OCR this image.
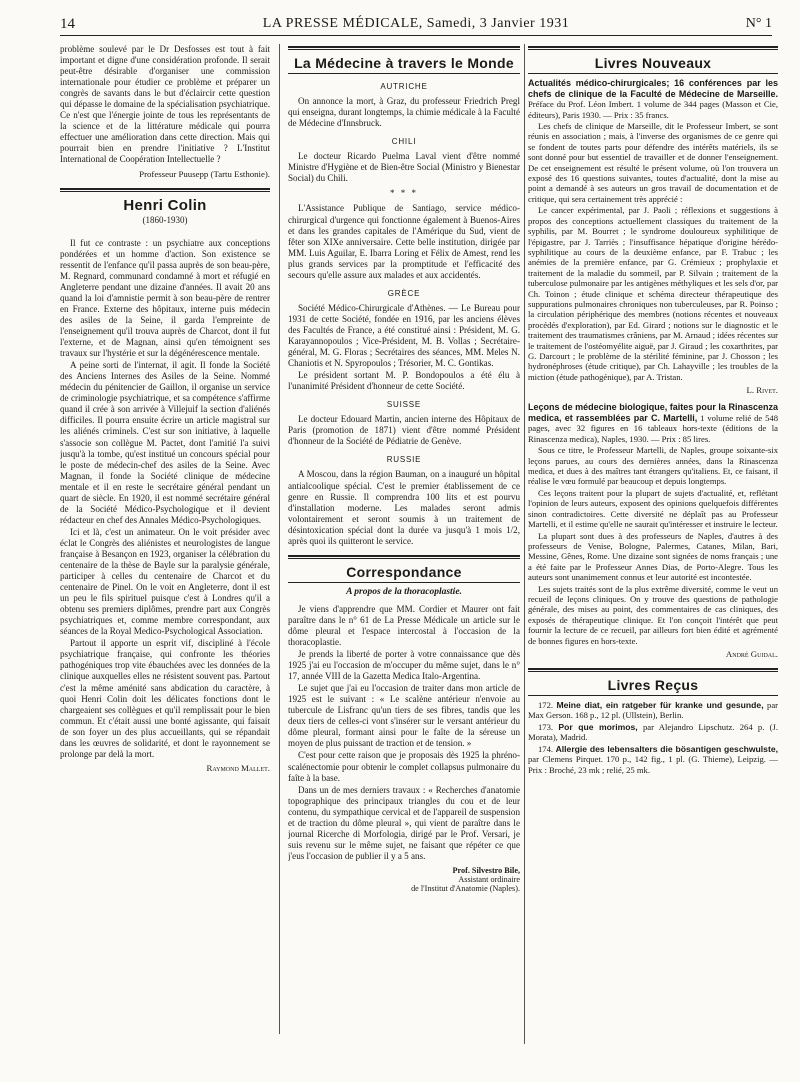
14	LA PRESSE MÉDICALE, Samedi, 3 Janvier 1931	N° 1

problème soulevé par le Dr Desfosses est tout à fait important et digne d'une considération profonde. Il serait peut-être désirable d'organiser une commission internationale pour étudier ce problème et préparer un congrès de savants dans le but d'éclaircir cette question qui dépasse le domaine de la spécialisation psychiatrique. Ce n'est que l'énergie jointe de tous les représentants de la science et de la littérature médicale qui pourra effectuer une amélioration dans cette direction. Mais qui pourrait bien en prendre l'initiative ? L'Institut International de Coopération Intellectuelle ?

Professeur Puusepp (Tartu Esthonie).

Henri Colin
(1860-1930)

Il fut ce contraste : un psychiatre aux conceptions pondérées et un homme d'action. Son existence se ressentit de l'enfance qu'il passa auprès de son beau-père, M. Regnard, communard condamné à mort et réfugié en Angleterre pendant une dizaine d'années. Il avait 20 ans quand la loi d'amnistie permit à son beau-père de rentrer en France. Externe des hôpitaux, interne puis médecin des asiles de la Seine, il garda l'empreinte de l'enseignement qu'il trouva auprès de Charcot, dont il fut l'externe, et de Magnan, ainsi qu'en témoignent ses travaux sur l'hystérie et sur la dégénérescence mentale.

A peine sorti de l'internat, il agit. Il fonde la Société des Anciens Internes des Asiles de la Seine. Nommé médecin du pénitencier de Gaillon, il organise un service de criminologie psychiatrique, et sa compétence s'affirme quand il crée à son arrivée à Villejuif la section d'aliénés difficiles. Il pourra ensuite écrire un article magistral sur les aliénés criminels. C'est sur son initiative, à laquelle s'associe son collègue M. Pactet, dont l'amitié l'a suivi jusqu'à la tombe, qu'est institué un concours spécial pour le poste de médecin-chef des asiles de la Seine. Avec Magnan, il fonde la Société clinique de médecine mentale et il en reste le secrétaire général pendant un quart de siècle. En 1920, il est nommé secrétaire général de la Société Médico-Psychologique et il devient rédacteur en chef des Annales Médico-Psychologiques.

Ici et là, c'est un animateur. On le voit présider avec éclat le Congrès des aliénistes et neurologistes de langue française à Besançon en 1923, organiser la célébration du centenaire de la thèse de Bayle sur la paralysie générale, participer à celles du centenaire de Charcot et du centenaire de Pinel. On le voit en Angleterre, dont il est un peu le fils spirituel puisque c'est à Londres qu'il a obtenu ses premiers diplômes, prendre part aux Congrès psychiatriques et, comme membre correspondant, aux séances de la Royal Medico-Psychological Association.

Partout il apporte un esprit vif, discipliné à l'école psychiatrique française, qui confronte les théories pathogéniques trop vite ébauchées avec les données de la clinique auxquelles elles ne résistent souvent pas. Partout c'est la même aménité sans abdication du caractère, à quoi Henri Colin doit les délicates fonctions dont le chargeaient ses collègues et qu'il remplissait pour le bien commun. Et c'était aussi une bonté agissante, qui faisait de son foyer un des plus accueillants, qui se répandait dans les œuvres de solidarité, et dont le rayonnement se prolonge par delà la mort.

Raymond Mallet.

La Médecine à travers le Monde
AUTRICHE

On annonce la mort, à Graz, du professeur Friedrich Pregl qui enseigna, durant longtemps, la chimie médicale à la Faculté de Médecine d'Innsbruck.

CHILI

Le docteur Ricardo Puelma Laval vient d'être nommé Ministre d'Hygiène et de Bien-être Social (Ministro y Bienestar Social) du Chili.

* * *

L'Assistance Publique de Santiago, service médico-chirurgical d'urgence qui fonctionne également à Buenos-Aires et dans les grandes capitales de l'Amérique du Sud, vient de fêter son XIXe anniversaire. Cette belle institution, dirigée par MM. Luis Aguilar, E. Ibarra Loring et Félix de Amest, rend les plus grands services par la promptitude et l'efficacité des secours qu'elle assure aux malades et aux accidentés.

GRÈCE

Société Médico-Chirurgicale d'Athènes. — Le Bureau pour 1931 de cette Société, fondée en 1916, par les anciens élèves des Facultés de France, a été constitué ainsi : Président, M. G. Karayannopoulos ; Vice-Président, M. B. Vollas ; Secrétaire-général, M. G. Floras ; Secrétaires des séances, MM. Meles N. Chaniotis et N. Spyropoulos ; Trésorier, M. C. Gontikas.

Le président sortant M. P. Bondopoulos a été élu à l'unanimité Président d'honneur de cette Société.

SUISSE

Le docteur Edouard Martin, ancien interne des Hôpitaux de Paris (promotion de 1871) vient d'être nommé Président d'honneur de la Société de Pédiatrie de Genève.

RUSSIE

A Moscou, dans la région Bauman, on a inauguré un hôpital antialcoolique spécial. C'est le premier établissement de ce genre en Russie. Il comprendra 100 lits et est pourvu d'installation moderne. Les malades seront admis volontairement et seront soumis à un traitement de désintoxication spécial dont la durée va jusqu'à 1 mois 1/2, après quoi ils quitteront le service.

Correspondance
A propos de la thoracoplastie.

Je viens d'apprendre que MM. Cordier et Maurer ont fait paraître dans le n° 61 de La Presse Médicale un article sur le dôme pleural et l'espace intercostal à l'occasion de la thoracoplastie.

Je prends la liberté de porter à votre connaissance que dès 1925 j'ai eu l'occasion de m'occuper du même sujet, dans le n° 17, année VIII de la Gazetta Medica Italo-Argentina.

Le sujet que j'ai eu l'occasion de traiter dans mon article de 1925 est le suivant : « Le scalène antérieur n'envoie au tubercule de Lisfranc qu'un tiers de ses fibres, tandis que les deux tiers de celles-ci vont s'insérer sur le versant antérieur du dôme pleural, formant ainsi pour le faîte de la séreuse un moyen de plus puissant de traction et de tension. »

C'est pour cette raison que je proposais dès 1925 la phréno-scalénectomie pour obtenir le complet collapsus pulmonaire du faîte à la base.

Dans un de mes derniers travaux : « Recherches d'anatomie topographique des principaux triangles du cou et de leur contenu, du sympathique cervical et de l'appareil de suspension et de traction du dôme pleural », qui vient de paraître dans le journal Ricerche di Morfologia, dirigé par le Prof. Versari, je suis revenu sur le même sujet, ne faisant que répéter ce que j'eus l'occasion de publier il y a 5 ans.

Prof. Silvestro Bile,
Assistant ordinaire
de l'Institut d'Anatomie (Naples).
Livres Nouveaux

Actualités médico-chirurgicales; 16 conférences par les chefs de clinique de la Faculté de Médecine de Marseille. Préface du Prof. Léon Imbert. 1 volume de 344 pages (Masson et Cie, éditeurs), Paris 1930. — Prix : 35 francs.

Les chefs de clinique de Marseille, dit le Professeur Imbert, se sont réunis en association ; mais, à l'inverse des organismes de ce genre qui se fondent de toutes parts pour défendre des intérêts matériels, ils se sont donné pour but essentiel de travailler et de donner l'enseignement. De cet enseignement est résulté le présent volume, où l'on trouvera un exposé des 16 questions suivantes, toutes d'actualité, dont la mise au point a demandé à ses auteurs un gros travail de documentation et de critique, qui sera certainement très apprécié :

Le cancer expérimental, par J. Paoli ; réflexions et suggestions à propos des conceptions actuellement classiques du traitement de la syphilis, par M. Bourret ; le syndrome douloureux syphilitique de l'épigastre, par J. Tarriès ; l'insuffisance hépatique d'origine hérédo-syphilitique au cours de la deuxième enfance, par F. Trabuc ; les anémies de la première enfance, par G. Crémieux ; prophylaxie et traitement de la maladie du sommeil, par P. Silvain ; traitement de la tuberculose pulmonaire par les antigènes méthyliques et les sels d'or, par Ch. Toinon ; étude clinique et schéma directeur thérapeutique des suppurations pulmonaires chroniques non tuberculeuses, par R. Poinso ; la circulation périphérique des membres (notions récentes et nouveaux procédés d'exploration), par Ed. Girard ; notions sur le diagnostic et le traitement des traumatismes crâniens, par M. Arnaud ; idées récentes sur le traitement de l'ostéomyélite aiguë, par J. Giraud ; les coxarthrites, par G. Darcourt ; le problème de la stérilité féminine, par J. Chosson ; les hydronéphroses (étude critique), par Ch. Lahayville ; les troubles de la miction (étude pathogénique), par A. Tristan.

L. Rivet.

Leçons de médecine biologique, faites pour la Rinascenza medica, et rassemblées par C. Martelli, 1 volume relié de 548 pages, avec 32 figures en 16 tableaux hors-texte (éditions de la Rinascenza medica), Naples, 1930. — Prix : 85 lires.

Sous ce titre, le Professeur Martelli, de Naples, groupe soixante-six leçons parues, au cours des dernières années, dans la Rinascenza medica, et dues à des maîtres tant étrangers qu'italiens. Et, ce faisant, il réalise le vœu formulé par beaucoup et depuis longtemps.

Ces leçons traitent pour la plupart de sujets d'actualité, et, reflétant l'opinion de leurs auteurs, exposent des opinions quelquefois différentes sinon contradictoires. Cette diversité ne déplaît pas au Professeur Martelli, et il estime qu'elle ne saurait qu'intéresser et instruire le lecteur.

La plupart sont dues à des professeurs de Naples, d'autres à des professeurs de Venise, Bologne, Palermes, Catanes, Milan, Bari, Messine, Gênes, Rome. Une dizaine sont signées de noms français ; une a été faite par le Professeur Annes Dias, de Porto-Alegre. Tous les auteurs sont unanimement connus et leur autorité est incontestée.

Les sujets traités sont de la plus extrême diversité, comme le veut un recueil de leçons cliniques. On y trouve des questions de pathologie générale, des mises au point, des commentaires de cas cliniques, des exposés de thérapeutique clinique. Et l'on conçoit l'intérêt que peut fournir la lecture de ce recueil, par ailleurs fort bien édité et agrémenté de bonnes figures en hors-texte.

André Guidal.

Livres Reçus

172. Meine diat, ein ratgeber für kranke und gesunde, par Max Gerson. 168 p., 12 pl. (Ullstein), Berlin.

173. Por que morimos, par Alejandro Lipschutz. 264 p. (J. Morata), Madrid.

174. Allergie des lebensalters die bösantigen geschwulste, par Clemens Pirquet. 170 p., 142 fig., 1 pl. (G. Thieme), Leipzig. — Prix : Broché, 23 mk ; relié, 25 mk.
